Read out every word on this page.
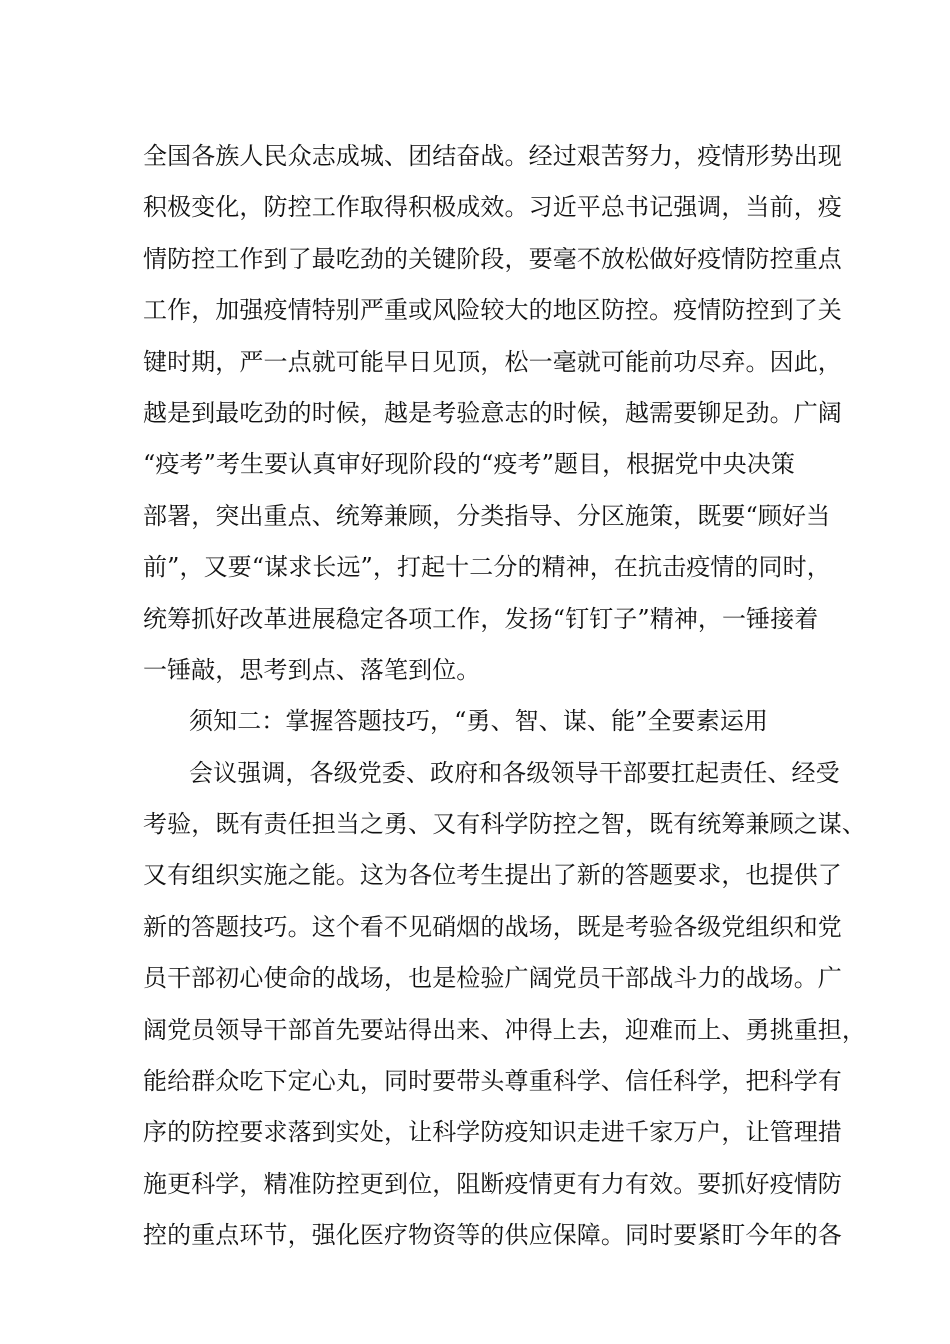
全国各族人民众志成城、团结奋战。经过艰苦努力，疫情形势出现
积极变化，防控工作取得积极成效。习近平总书记强调，当前，疫
情防控工作到了最吃劲的关键阶段，要毫不放松做好疫情防控重点
工作，加强疫情特别严重或风险较大的地区防控。疫情防控到了关
键时期，严一点就可能早日见顶，松一毫就可能前功尽弃。因此，
越是到最吃劲的时候，越是考验意志的时候，越需要铆足劲。广阔
“疫考”考生要认真审好现阶段的“疫考”题目，根据党中央决策
部署，突出重点、统筹兼顾，分类指导、分区施策，既要“顾好当
前”，又要“谋求长远”，打起十二分的精神，在抗击疫情的同时，
统筹抓好改革进展稳定各项工作，发扬“钉钉子”精神，一锤接着
一锤敲，思考到点、落笔到位。
须知二：掌握答题技巧，“勇、智、谋、能”全要素运用
会议强调，各级党委、政府和各级领导干部要扛起责任、经受
考验，既有责任担当之勇、又有科学防控之智，既有统筹兼顾之谋、
又有组织实施之能。这为各位考生提出了新的答题要求，也提供了
新的答题技巧。这个看不见硝烟的战场，既是考验各级党组织和党
员干部初心使命的战场，也是检验广阔党员干部战斗力的战场。广
阔党员领导干部首先要站得出来、冲得上去，迎难而上、勇挑重担，
能给群众吃下定心丸，同时要带头尊重科学、信任科学，把科学有
序的防控要求落到实处，让科学防疫知识走进千家万户，让管理措
施更科学，精准防控更到位，阻断疫情更有力有效。要抓好疫情防
控的重点环节，强化医疗物资等的供应保障。同时要紧盯今年的各
